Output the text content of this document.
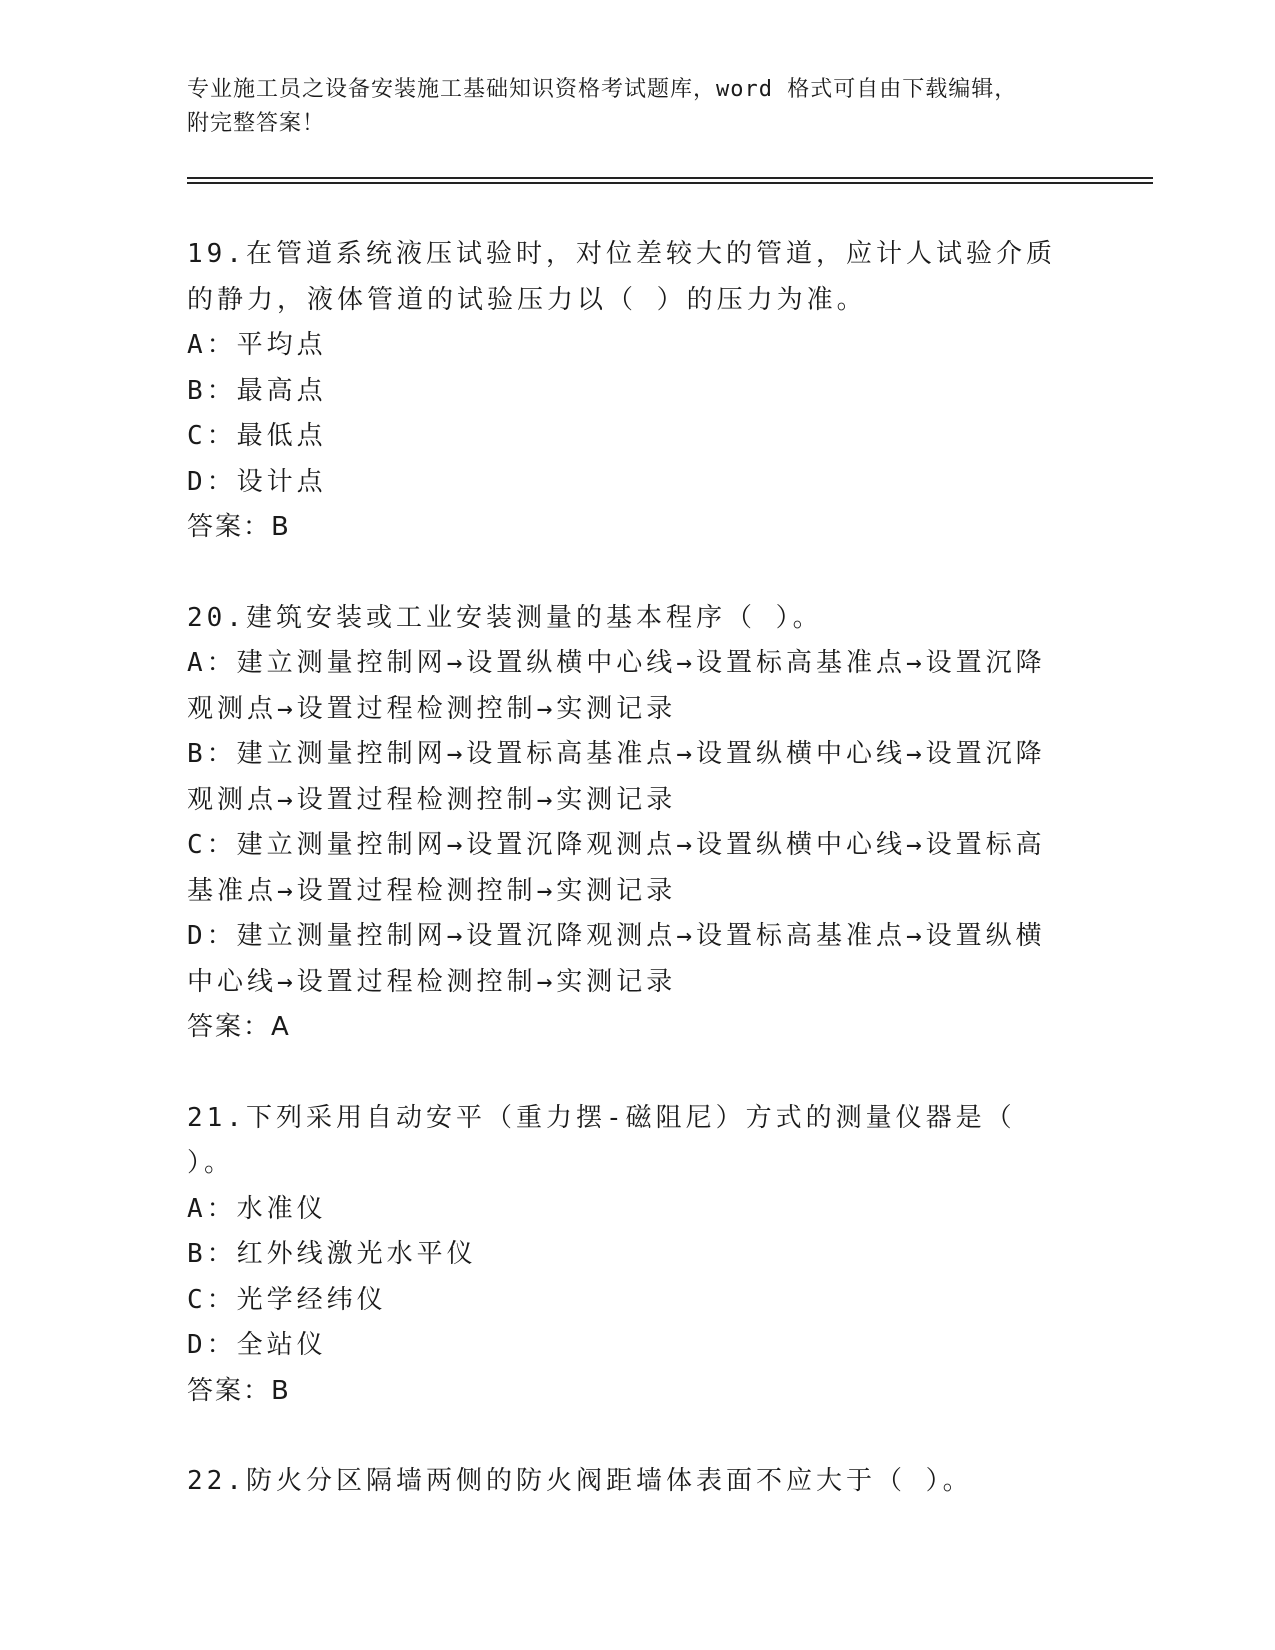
专业施工员之设备安装施工基础知识资格考试题库，word 格式可自由下载编辑，
附完整答案！

19.在管道系统液压试验时，对位差较大的管道，应计人试验介质的静力，液体管道的试验压力以（ ）的压力为准。

A：平均点

B：最高点

C：最低点

D：设计点

答案：B

20.建筑安装或工业安装测量的基本程序（ ）。

A：建立测量控制网→设置纵横中心线→设置标高基准点→设置沉降观测点→设置过程检测控制→实测记录

B：建立测量控制网→设置标高基准点→设置纵横中心线→设置沉降观测点→设置过程检测控制→实测记录

C：建立测量控制网→设置沉降观测点→设置纵横中心线→设置标高基准点→设置过程检测控制→实测记录

D：建立测量控制网→设置沉降观测点→设置标高基准点→设置纵横中心线→设置过程检测控制→实测记录

答案：A

21.下列采用自动安平（重力摆-磁阻尼）方式的测量仪器是（ ）。

A：水准仪

B：红外线激光水平仪

C：光学经纬仪

D：全站仪

答案：B

22.防火分区隔墙两侧的防火阀距墙体表面不应大于（ ）。
